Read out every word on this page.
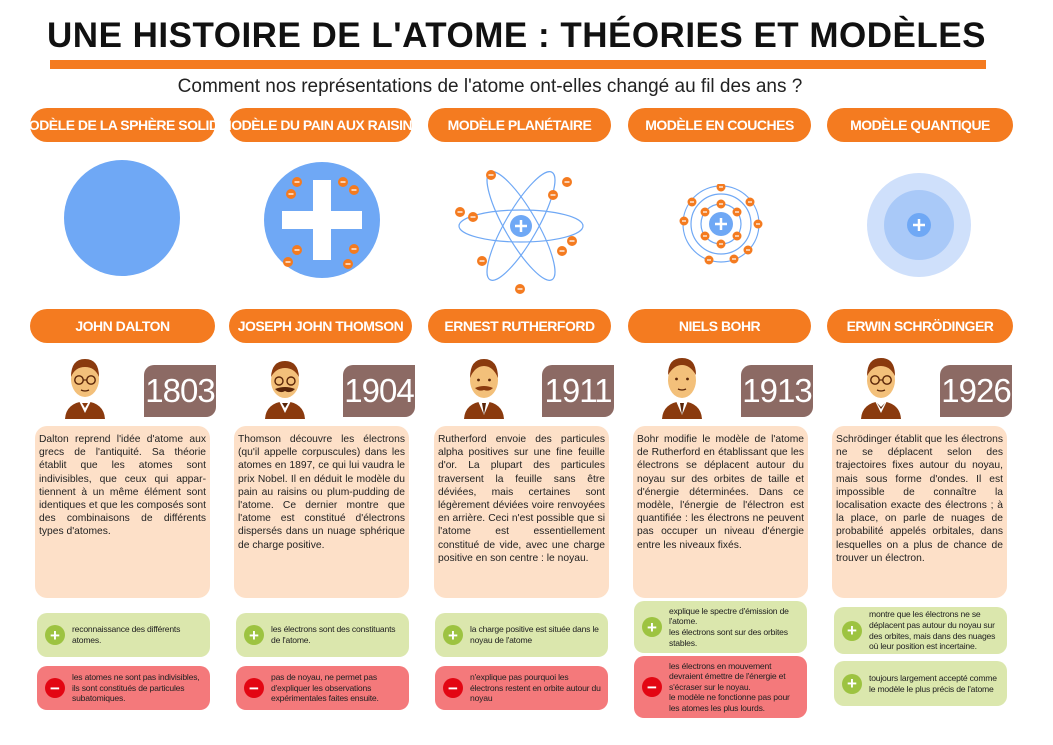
UNE HISTOIRE DE L'ATOME : THÉORIES ET MODÈLES
Comment nos représentations de l'atome ont-elles changé au fil des ans ?
MODÈLE DE LA SPHÈRE SOLIDE
MODÈLE DU PAIN AUX RAISINS	MODÈLE PLANÉTAIRE	MODÈLE EN COUCHES	MODÈLE QUANTIQUE
JOHN DALTON	JOSEPH JOHN THOMSON	ERNEST RUTHERFORD	NIELS BOHR	ERWIN SCHRÖDINGER
1803	1904	1911	1913	1926
Dalton reprend l'idée d'atome aux grecs de l'antiquité. Sa théorie établit que les atomes sont indivisibles, que ceux qui appar-tiennent à un même élément sont identiques et que les composés sont des combinaisons de différents types d'atomes.
Thomson découvre les électrons (qu'il appelle corpuscules) dans les atomes en 1897, ce qui lui vaudra le prix Nobel. Il en déduit le modèle du pain au raisins ou plum-pudding de l'atome. Ce dernier montre que l'atome est constitué d'électrons dispersés dans un nuage sphérique de charge positive.
Rutherford envoie des particules alpha positives sur une fine feuille d'or. La plupart des particules traversent la feuille sans être déviées, mais certaines sont légèrement déviées voire renvoyées en arrière. Ceci n'est possible que si l'atome est essentiellement constitué de vide, avec une charge positive en son centre : le noyau.
Bohr modifie le modèle de l'atome de Rutherford en établissant que les électrons se déplacent autour du noyau sur des orbites de taille et d'énergie déterminées. Dans ce modèle, l'énergie de l'électron est quantifiée : les électrons ne peuvent pas occuper un niveau d'énergie entre les niveaux fixés.
Schrödinger établit que les électrons ne se déplacent selon des trajectoires fixes autour du noyau, mais sous forme d'ondes. Il est impossible de connaître la localisation exacte des électrons ; à la place, on parle de nuages de probabilité appelés orbitales, dans lesquelles on a plus de chance de trouver un électron.
+	reconnaissance des différents atomes.
−
les atomes ne sont pas indivisibles, ils sont constitués de particules subatomiques.
+	les électrons sont des constituants de l'atome.
−
pas de noyau, ne permet pas d'expliquer les observations expérimentales faites ensuite.
+	la charge positive est située dans le noyau de l'atome
−
n'explique pas pourquoi les électrons restent en orbite autour du noyau
+
explique le spectre d'émission de l'atome.
les électrons sont sur des orbites stables.
−
les électrons en mouvement devraient émettre de l'énergie et s'écraser sur le noyau.
le modèle ne fonctionne pas pour les atomes les plus lourds.
+
montre que les électrons ne se déplacent pas autour du noyau sur des orbites, mais dans des nuages où leur position est incertaine.
+	toujours largement accepté comme le modèle le plus précis de l'atome
